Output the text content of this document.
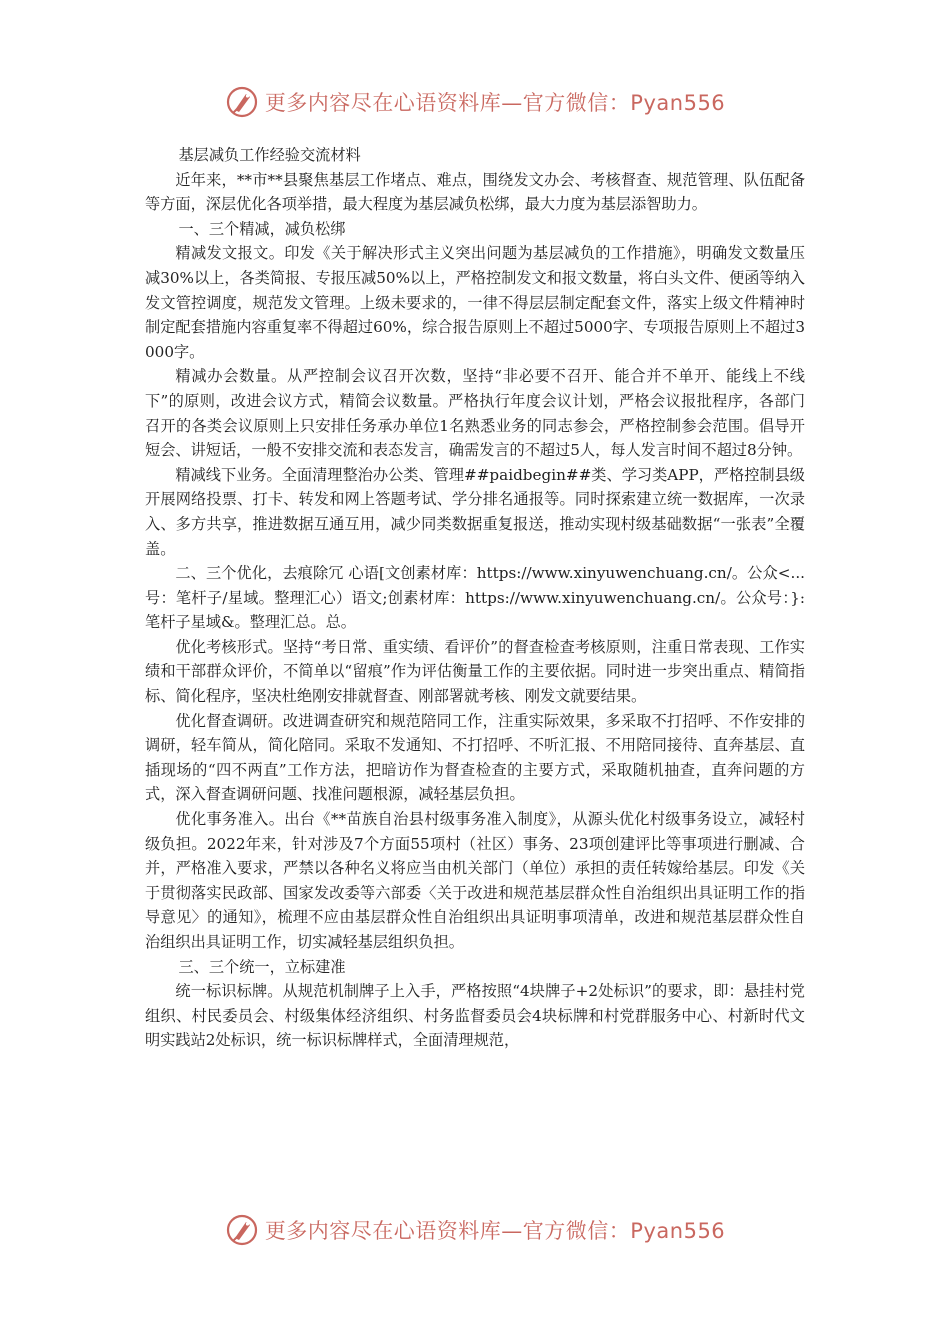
更多内容尽在心语资料库—官方微信：Pyan556

基层减负工作经验交流材料

近年来，**市**县聚焦基层工作堵点、难点，围绕发文办会、考核督查、规范管理、队伍配备等方面，深层优化各项举措，最大程度为基层减负松绑，最大力度为基层添智助力。

一、三个精减，减负松绑

精减发文报文。印发《关于解决形式主义突出问题为基层减负的工作措施》，明确发文数量压减30%以上，各类简报、专报压减50%以上，严格控制发文和报文数量，将白头文件、便函等纳入发文管控调度，规范发文管理。上级未要求的，一律不得层层制定配套文件，落实上级文件精神时制定配套措施内容重复率不得超过60%，综合报告原则上不超过5000字、专项报告原则上不超过3000字。

精减办会数量。从严控制会议召开次数，坚持“非必要不召开、能合并不单开、能线上不线下”的原则，改进会议方式，精简会议数量。严格执行年度会议计划，严格会议报批程序，各部门召开的各类会议原则上只安排任务承办单位1名熟悉业务的同志参会，严格控制参会范围。倡导开短会、讲短话，一般不安排交流和表态发言，确需发言的不超过5人，每人发言时间不超过8分钟。

精减线下业务。全面清理整治办公类、管理##paidbegin##类、学习类APP，严格控制县级开展网络投票、打卡、转发和网上答题考试、学分排名通报等。同时探索建立统一数据库，一次录入、多方共享，推进数据互通互用，减少同类数据重复报送，推动实现村级基础数据“一张表”全覆盖。

二、三个优化，去痕除冗 心语[文创素材库：https://www.xinyuwenchuang.cn/。公众<...号：笔杆子/星域。整理汇心）语文;创素材库：https://www.xinyuwenchuang.cn/。公众号：}:笔杆子星域&。整理汇总。总。

优化考核形式。坚持“考日常、重实绩、看评价”的督查检查考核原则，注重日常表现、工作实绩和干部群众评价，不简单以“留痕”作为评估衡量工作的主要依据。同时进一步突出重点、精简指标、简化程序，坚决杜绝刚安排就督查、刚部署就考核、刚发文就要结果。

优化督查调研。改进调查研究和规范陪同工作，注重实际效果，多采取不打招呼、不作安排的调研，轻车简从，简化陪同。采取不发通知、不打招呼、不听汇报、不用陪同接待、直奔基层、直插现场的“四不两直”工作方法，把暗访作为督查检查的主要方式，采取随机抽查，直奔问题的方式，深入督查调研问题、找准问题根源，减轻基层负担。

优化事务准入。出台《**苗族自治县村级事务准入制度》，从源头优化村级事务设立，减轻村级负担。2022年来，针对涉及7个方面55项村（社区）事务、23项创建评比等事项进行删减、合并，严格准入要求，严禁以各种名义将应当由机关部门（单位）承担的责任转嫁给基层。印发《关于贯彻落实民政部、国家发改委等六部委〈关于改进和规范基层群众性自治组织出具证明工作的指导意见〉的通知》，梳理不应由基层群众性自治组织出具证明事项清单，改进和规范基层群众性自治组织出具证明工作，切实减轻基层组织负担。

三、三个统一，立标建准

统一标识标牌。从规范机制牌子上入手，严格按照“4块牌子+2处标识”的要求，即：悬挂村党组织、村民委员会、村级集体经济组织、村务监督委员会4块标牌和村党群服务中心、村新时代文明实践站2处标识，统一标识标牌样式，全面清理规范，

更多内容尽在心语资料库—官方微信：Pyan556
